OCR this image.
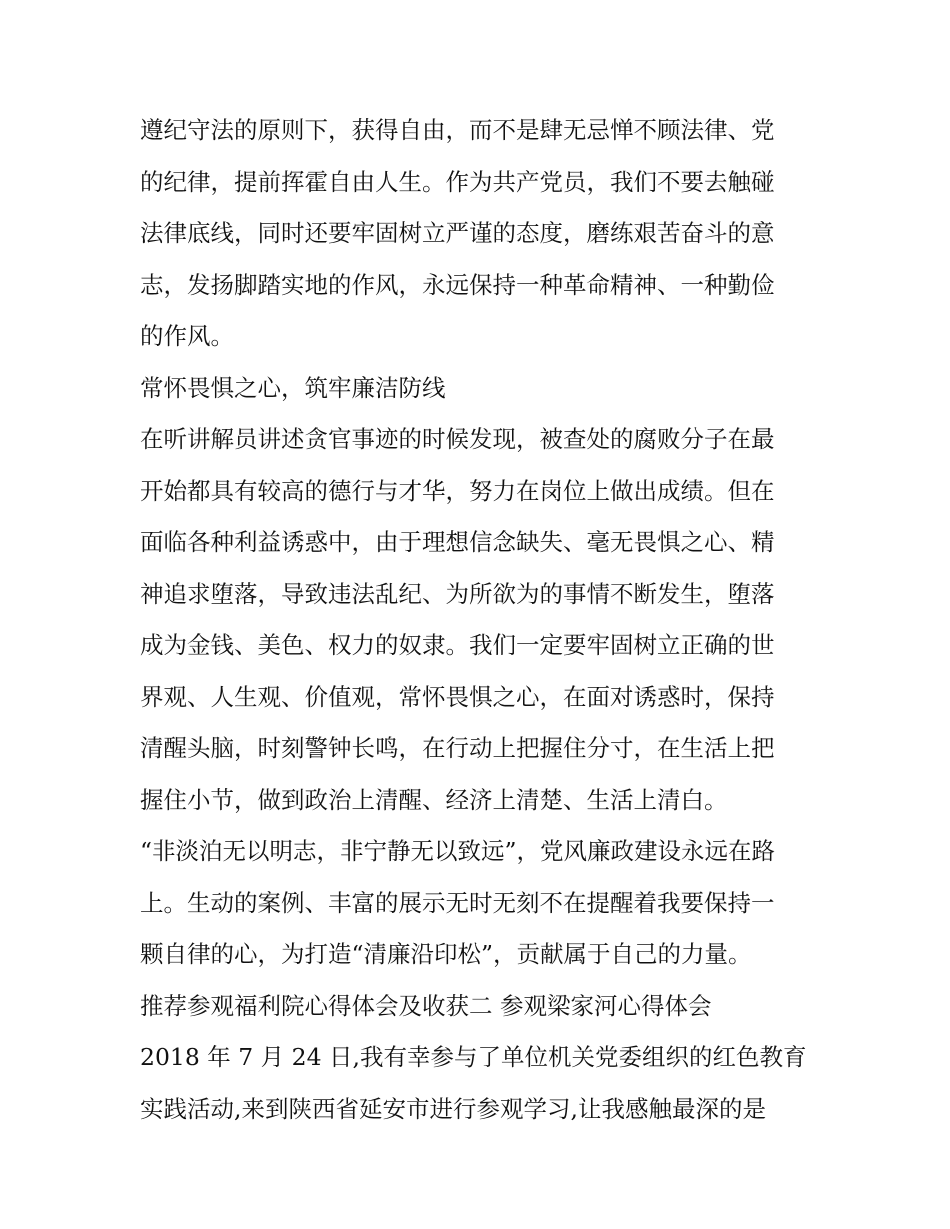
遵纪守法的原则下，获得自由，而不是肆无忌惮不顾法律、党
的纪律，提前挥霍自由人生。作为共产党员，我们不要去触碰
法律底线，同时还要牢固树立严谨的态度，磨练艰苦奋斗的意
志，发扬脚踏实地的作风，永远保持一种革命精神、一种勤俭
的作风。
常怀畏惧之心，筑牢廉洁防线
在听讲解员讲述贪官事迹的时候发现，被查处的腐败分子在最
开始都具有较高的德行与才华，努力在岗位上做出成绩。但在
面临各种利益诱惑中，由于理想信念缺失、毫无畏惧之心、精
神追求堕落，导致违法乱纪、为所欲为的事情不断发生，堕落
成为金钱、美色、权力的奴隶。我们一定要牢固树立正确的世
界观、人生观、价值观，常怀畏惧之心，在面对诱惑时，保持
清醒头脑，时刻警钟长鸣，在行动上把握住分寸，在生活上把
握住小节，做到政治上清醒、经济上清楚、生活上清白。
“非淡泊无以明志，非宁静无以致远”，党风廉政建设永远在路
上。生动的案例、丰富的展示无时无刻不在提醒着我要保持一
颗自律的心，为打造“清廉沿印松”，贡献属于自己的力量。
推荐参观福利院心得体会及收获二 参观梁家河心得体会
2018 年 7 月 24 日,我有幸参与了单位机关党委组织的红色教育
实践活动,来到陕西省延安市进行参观学习,让我感触最深的是
